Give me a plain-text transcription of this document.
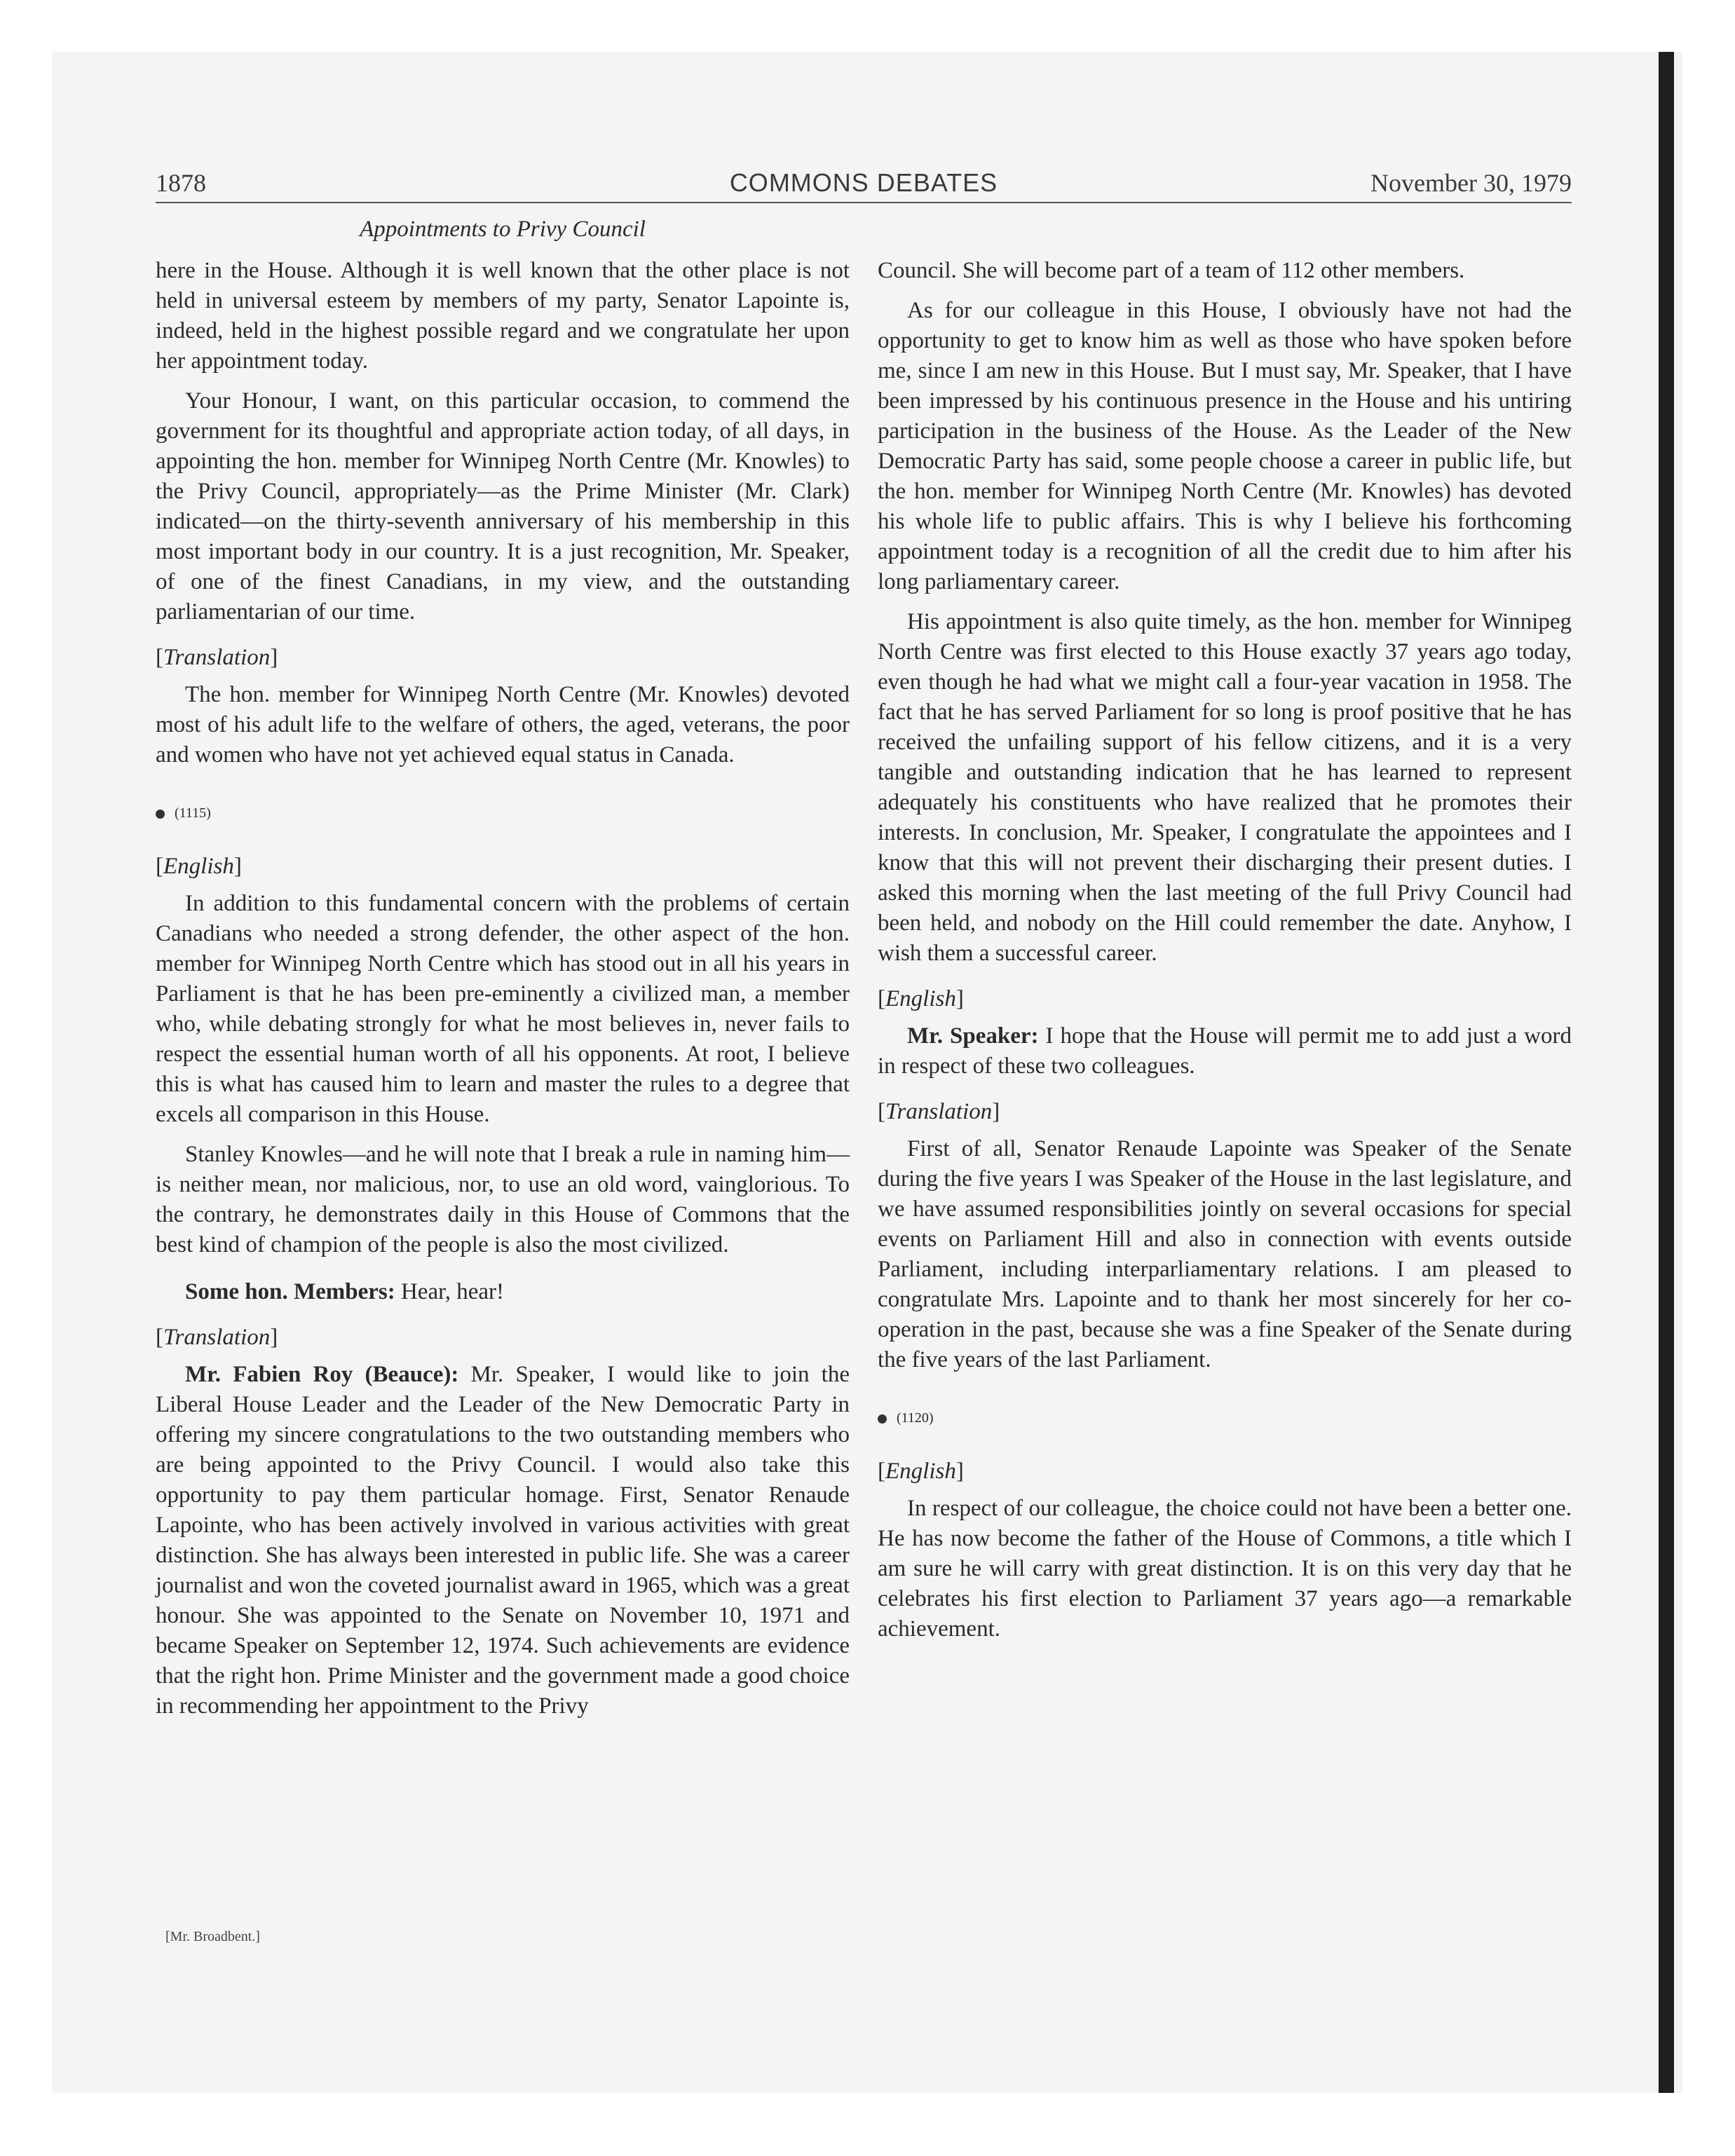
1878	COMMONS DEBATES	November 30, 1979
Appointments to Privy Council

here in the House. Although it is well known that the other place is not held in universal esteem by members of my party, Senator Lapointe is, indeed, held in the highest possible regard and we congratulate her upon her appointment today.

Your Honour, I want, on this particular occasion, to commend the government for its thoughtful and appropriate action today, of all days, in appointing the hon. member for Winnipeg North Centre (Mr. Knowles) to the Privy Council, appropriately—as the Prime Minister (Mr. Clark) indicated—on the thirty-seventh anniversary of his membership in this most important body in our country. It is a just recognition, Mr. Speaker, of one of the finest Canadians, in my view, and the outstanding parliamentarian of our time.

[Translation]

The hon. member for Winnipeg North Centre (Mr. Knowles) devoted most of his adult life to the welfare of others, the aged, veterans, the poor and women who have not yet achieved equal status in Canada.

(1115)

[English]

In addition to this fundamental concern with the problems of certain Canadians who needed a strong defender, the other aspect of the hon. member for Winnipeg North Centre which has stood out in all his years in Parliament is that he has been pre-eminently a civilized man, a member who, while debating strongly for what he most believes in, never fails to respect the essential human worth of all his opponents. At root, I believe this is what has caused him to learn and master the rules to a degree that excels all comparison in this House.

Stanley Knowles—and he will note that I break a rule in naming him—is neither mean, nor malicious, nor, to use an old word, vainglorious. To the contrary, he demonstrates daily in this House of Commons that the best kind of champion of the people is also the most civilized.

Some hon. Members: Hear, hear!

[Translation]

Mr. Fabien Roy (Beauce): Mr. Speaker, I would like to join the Liberal House Leader and the Leader of the New Democratic Party in offering my sincere congratulations to the two outstanding members who are being appointed to the Privy Council. I would also take this opportunity to pay them particular homage. First, Senator Renaude Lapointe, who has been actively involved in various activities with great distinction. She has always been interested in public life. She was a career journalist and won the coveted journalist award in 1965, which was a great honour. She was appointed to the Senate on November 10, 1971 and became Speaker on September 12, 1974. Such achievements are evidence that the right hon. Prime Minister and the government made a good choice in recommending her appointment to the Privy

[Mr. Broadbent.]

Council. She will become part of a team of 112 other members.

As for our colleague in this House, I obviously have not had the opportunity to get to know him as well as those who have spoken before me, since I am new in this House. But I must say, Mr. Speaker, that I have been impressed by his continuous presence in the House and his untiring participation in the business of the House. As the Leader of the New Democratic Party has said, some people choose a career in public life, but the hon. member for Winnipeg North Centre (Mr. Knowles) has devoted his whole life to public affairs. This is why I believe his forthcoming appointment today is a recognition of all the credit due to him after his long parliamentary career.

His appointment is also quite timely, as the hon. member for Winnipeg North Centre was first elected to this House exactly 37 years ago today, even though he had what we might call a four-year vacation in 1958. The fact that he has served Parliament for so long is proof positive that he has received the unfailing support of his fellow citizens, and it is a very tangible and outstanding indication that he has learned to represent adequately his constituents who have realized that he promotes their interests. In conclusion, Mr. Speaker, I congratulate the appointees and I know that this will not prevent their discharging their present duties. I asked this morning when the last meeting of the full Privy Council had been held, and nobody on the Hill could remember the date. Anyhow, I wish them a successful career.

[English]

Mr. Speaker: I hope that the House will permit me to add just a word in respect of these two colleagues.

[Translation]

First of all, Senator Renaude Lapointe was Speaker of the Senate during the five years I was Speaker of the House in the last legislature, and we have assumed responsibilities jointly on several occasions for special events on Parliament Hill and also in connection with events outside Parliament, including interparliamentary relations. I am pleased to congratulate Mrs. Lapointe and to thank her most sincerely for her co-operation in the past, because she was a fine Speaker of the Senate during the five years of the last Parliament.

(1120)

[English]

In respect of our colleague, the choice could not have been a better one. He has now become the father of the House of Commons, a title which I am sure he will carry with great distinction. It is on this very day that he celebrates his first election to Parliament 37 years ago—a remarkable achievement.
